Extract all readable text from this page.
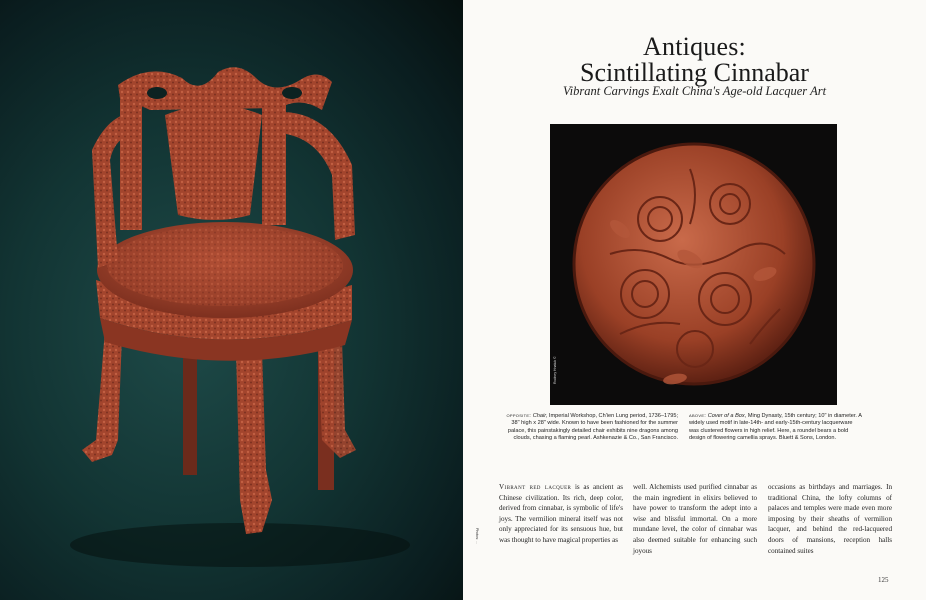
Antiques:
Scintillating Cinnabar
Vibrant Carvings Exalt China's Age-old Lacquer Art
Rodney Hnatuk ©
opposite: Chair, Imperial Workshop, Ch'ien Lung period, 1736–1795; 38" high x 28" wide. Known to have been fashioned for the summer palace, this painstakingly detailed chair exhibits nine dragons among clouds, chasing a flaming pearl. Ashkenazie & Co., San Francisco.
above: Cover of a Box, Ming Dynasty, 15th century; 10" in diameter. A widely used motif in late-14th- and early-15th-century lacquerware was clustered flowers in high relief. Here, a roundel bears a bold design of flowering camellia sprays. Bluett & Sons, London.
Photos: ...
Vibrant red lacquer is as ancient as Chinese civilization. Its rich, deep color, derived from cinnabar, is symbolic of life's joys. The vermilion mineral itself was not only appreciated for its sensuous hue, but was thought to have magical properties as
well. Alchemists used purified cinnabar as the main ingredient in elixirs believed to have power to transform the adept into a wise and blissful immortal. On a more mundane level, the color of cinnabar was also deemed suitable for enhancing such joyous
occasions as birthdays and marriages. In traditional China, the lofty columns of palaces and temples were made even more imposing by their sheaths of vermilion lacquer, and behind the red-lacquered doors of mansions, reception halls contained suites
125
